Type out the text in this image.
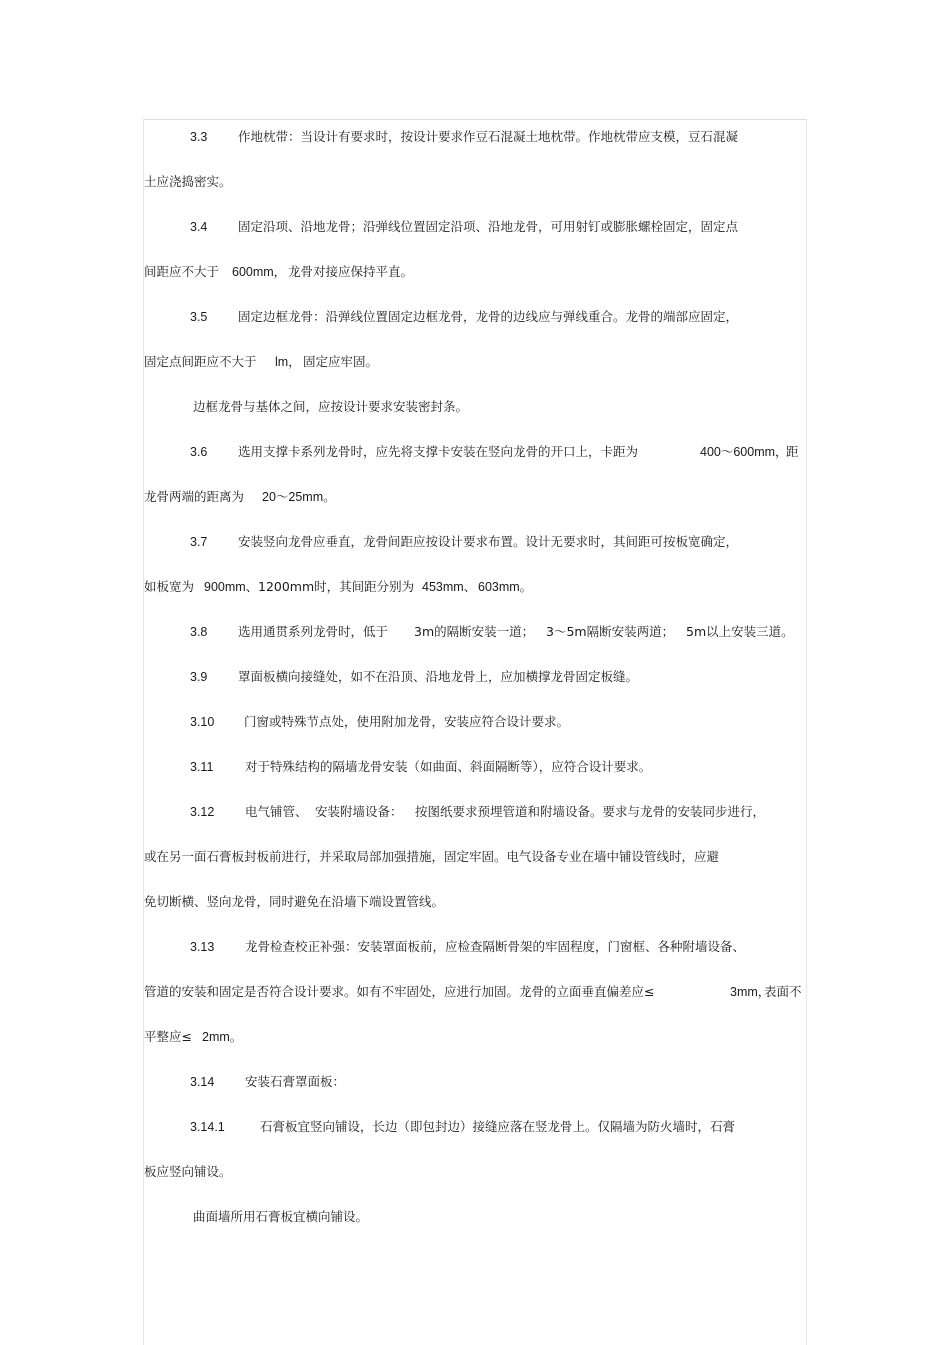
3.3 作地枕带：当设计有要求时，按设计要求作豆石混凝土地枕带。作地枕带应支模，豆石混凝
土应浇捣密实。
3.4 固定沿项、沿地龙骨；沿弹线位置固定沿项、沿地龙骨，可用射钉或膨胀螺栓固定，固定点
间距应不大于 600mm， 龙骨对接应保持平直。
3.5 固定边框龙骨：沿弹线位置固定边框龙骨，龙骨的边线应与弹线重合。龙骨的端部应固定，
固定点间距应不大于 lm， 固定应牢固。
边框龙骨与基体之间，应按设计要求安装密封条。
3.6 选用支撑卡系列龙骨时，应先将支撑卡安装在竖向龙骨的开口上，卡距为	400～600mm，距
龙骨两端的距离为 20～25mm。
3.7 安装竖向龙骨应垂直，龙骨间距应按设计要求布置。设计无要求时，其间距可按板宽确定，
如板宽为 900mm、1200mm时，其间距分别为 453mm、 603mm。
3.8 选用通贯系列龙骨时，低于 3m的隔断安装一道； 3～5m隔断安装两道； 5m以上安装三道。
3.9 罩面板横向接缝处，如不在沿顶、沿地龙骨上，应加横撑龙骨固定板缝。
3.10 门窗或特殊节点处，使用附加龙骨，安装应符合设计要求。
3.11	对于特殊结构的隔墙龙骨安装（如曲面、斜面隔断等），应符合设计要求。
3.12 电气铺管、 安装附墙设备： 按图纸要求预埋管道和附墙设备。要求与龙骨的安装同步进行，
或在另一面石膏板封板前进行，并采取局部加强措施，固定牢固。电气设备专业在墙中铺设管线时，应避
免切断横、竖向龙骨，同时避免在沿墙下端设置管线。
3.13 龙骨检查校正补强：安装罩面板前，应检查隔断骨架的牢固程度，门窗框、各种附墙设备、
管道的安装和固定是否符合设计要求。如有不牢固处，应进行加固。龙骨的立面垂直偏差应≤	3mm，表面不
平整应≤ 2mm。
3.14 安装石膏罩面板：
3.14.1	石膏板宜竖向铺设，长边（即包封边）接缝应落在竖龙骨上。仅隔墙为防火墙时，石膏
板应竖向铺设。
曲面墙所用石膏板宜横向铺设。
